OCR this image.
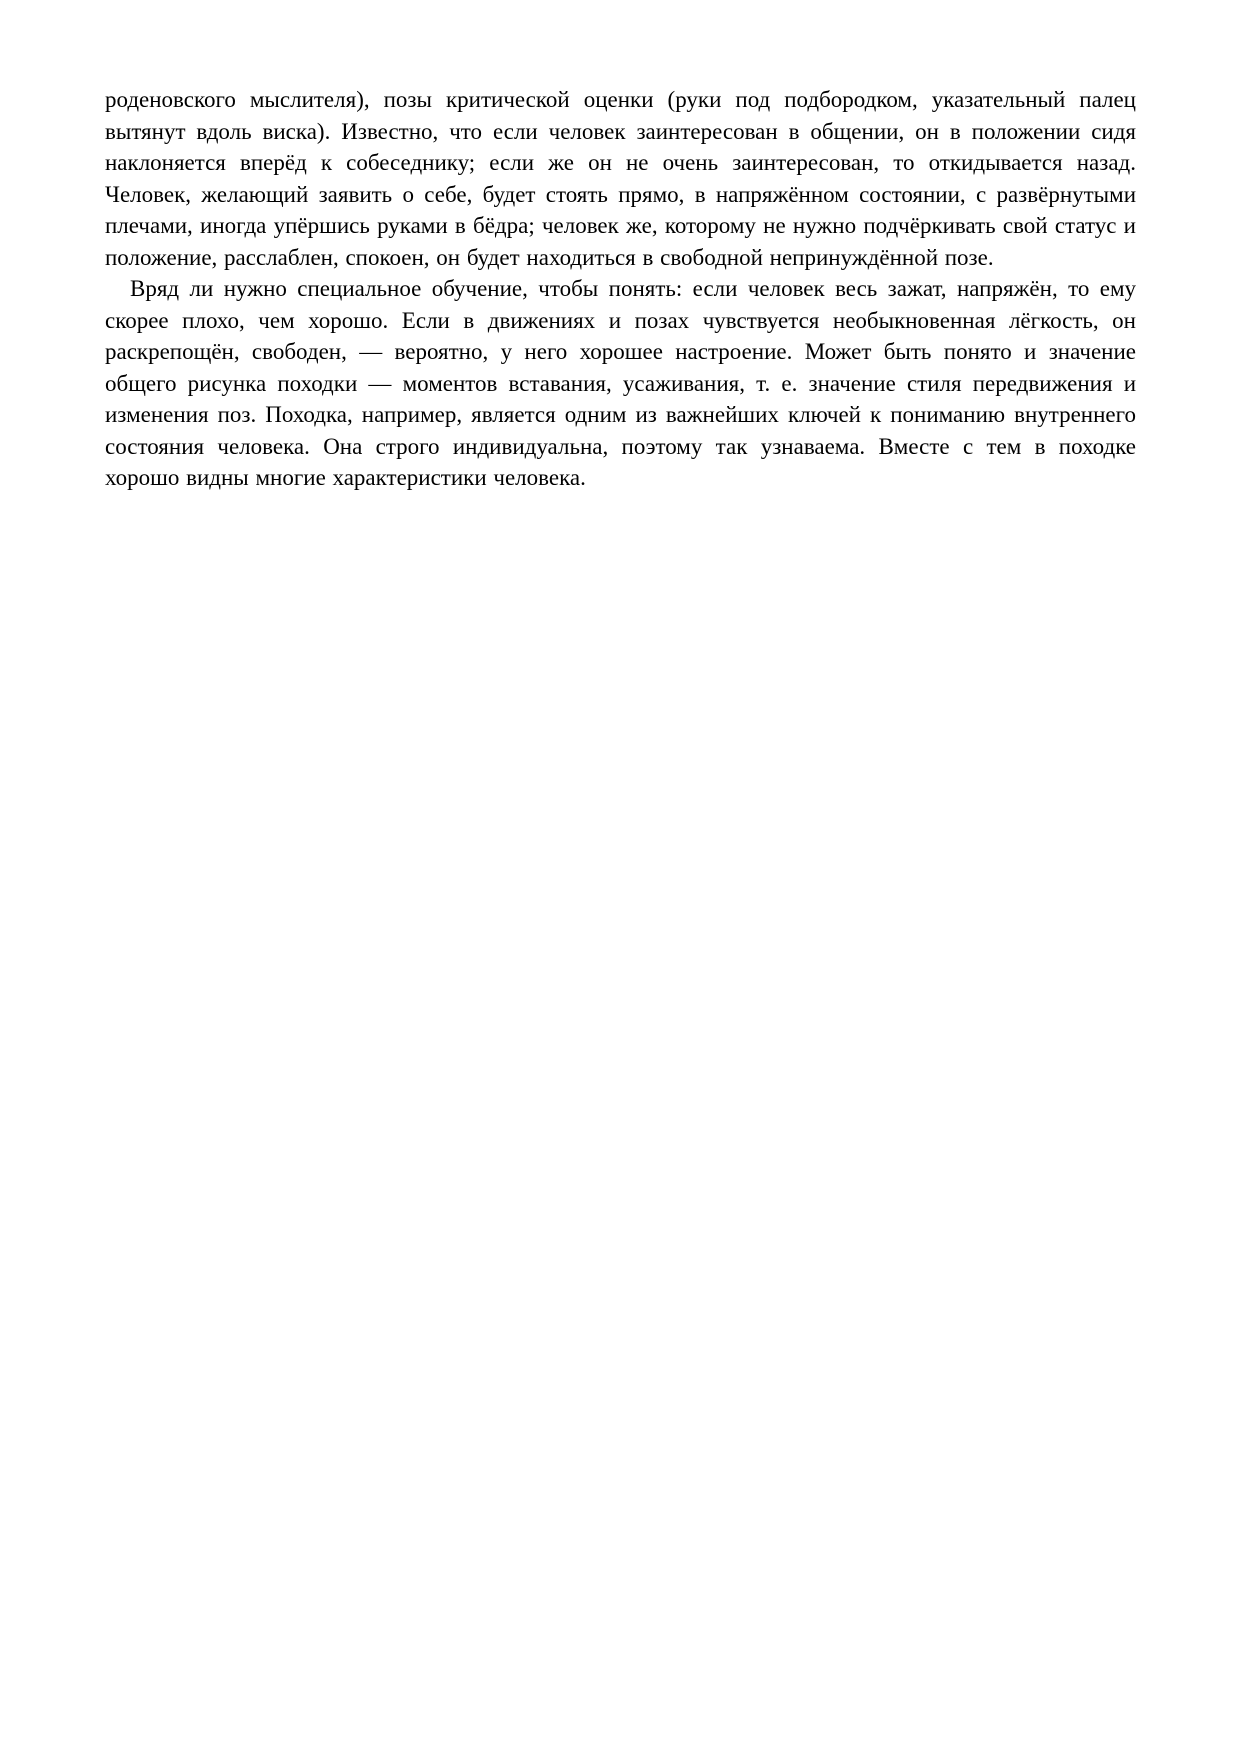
роденовского мыслителя), позы критической оценки (руки под подбородком, указательный палец вытянут вдоль виска). Известно, что если человек заинтересован в общении, он в положении сидя наклоняется вперёд к собеседнику; если же он не очень заинтересован, то откидывается назад. Человек, желающий заявить о себе, будет стоять прямо, в напряжённом состоянии, с развёрнутыми плечами, иногда упёршись руками в бёдра; человек же, которому не нужно подчёркивать свой статус и положение, расслаблен, спокоен, он будет находиться в свободной непринуждённой позе.

Вряд ли нужно специальное обучение, чтобы понять: если человек весь зажат, напряжён, то ему скорее плохо, чем хорошо. Если в движениях и позах чувствуется необыкновенная лёгкость, он раскрепощён, свободен, — вероятно, у него хорошее настроение. Может быть понято и значение общего рисунка походки — моментов вставания, усаживания, т. е. значение стиля передвижения и изменения поз. Походка, например, является одним из важнейших ключей к пониманию внутреннего состояния человека. Она строго индивидуальна, поэтому так узнаваема. Вместе с тем в походке хорошо видны многие характеристики человека.
